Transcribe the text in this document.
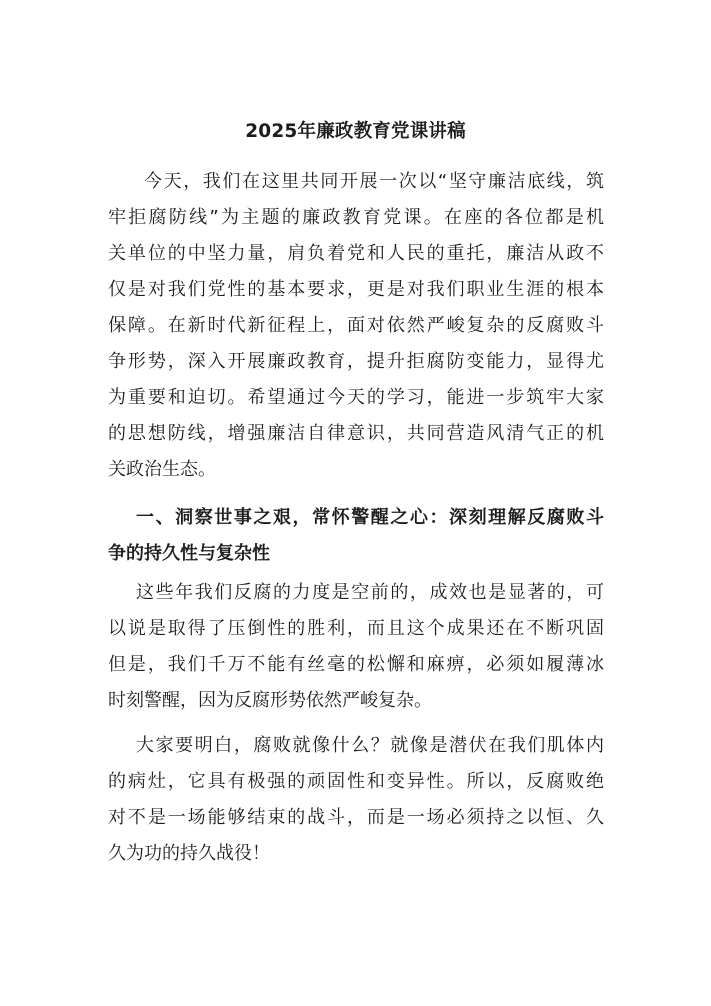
2025年廉政教育党课讲稿

今天，我们在这里共同开展一次以“坚守廉洁底线，筑

牢拒腐防线”为主题的廉政教育党课。在座的各位都是机

关单位的中坚力量，肩负着党和人民的重托，廉洁从政不

仅是对我们党性的基本要求，更是对我们职业生涯的根本

保障。在新时代新征程上，面对依然严峻复杂的反腐败斗

争形势，深入开展廉政教育，提升拒腐防变能力，显得尤

为重要和迫切。希望通过今天的学习，能进一步筑牢大家

的思想防线，增强廉洁自律意识，共同营造风清气正的机

关政治生态。

一、洞察世事之艰，常怀警醒之心：深刻理解反腐败斗

争的持久性与复杂性

这些年我们反腐的力度是空前的，成效也是显著的，可

以说是取得了压倒性的胜利，而且这个成果还在不断巩固

但是，我们千万不能有丝毫的松懈和麻痹，必须如履薄冰

时刻警醒，因为反腐形势依然严峻复杂。

大家要明白，腐败就像什么？就像是潜伏在我们肌体内

的病灶，它具有极强的顽固性和变异性。所以，反腐败绝

对不是一场能够结束的战斗，而是一场必须持之以恒、久

久为功的持久战役！
